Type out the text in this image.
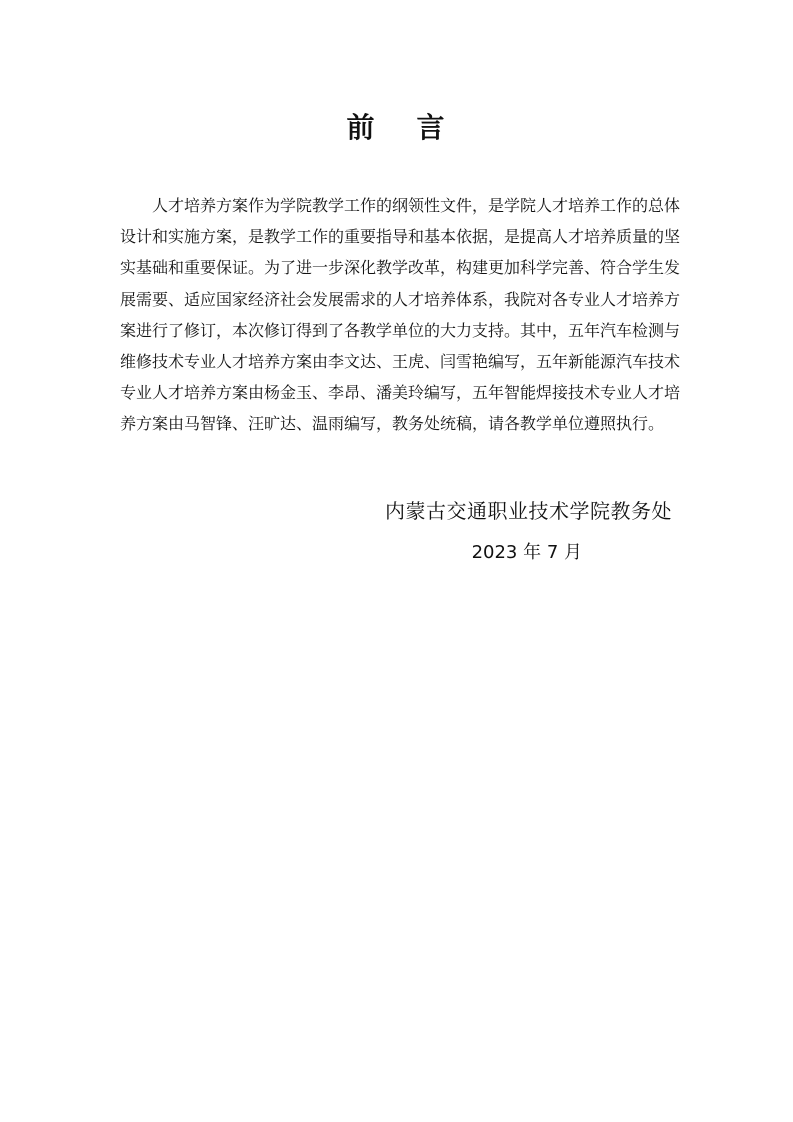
前 言

人才培养方案作为学院教学工作的纲领性文件，是学院人才培养工作的总体设计和实施方案，是教学工作的重要指导和基本依据，是提高人才培养质量的坚实基础和重要保证。为了进一步深化教学改革，构建更加科学完善、符合学生发展需要、适应国家经济社会发展需求的人才培养体系，我院对各专业人才培养方案进行了修订，本次修订得到了各教学单位的大力支持。其中，五年汽车检测与维修技术专业人才培养方案由李文达、王虎、闫雪艳编写，五年新能源汽车技术专业人才培养方案由杨金玉、李昂、潘美玲编写，五年智能焊接技术专业人才培养方案由马智锋、汪旷达、温雨编写，教务处统稿，请各教学单位遵照执行。

内蒙古交通职业技术学院教务处
2023 年 7 月
